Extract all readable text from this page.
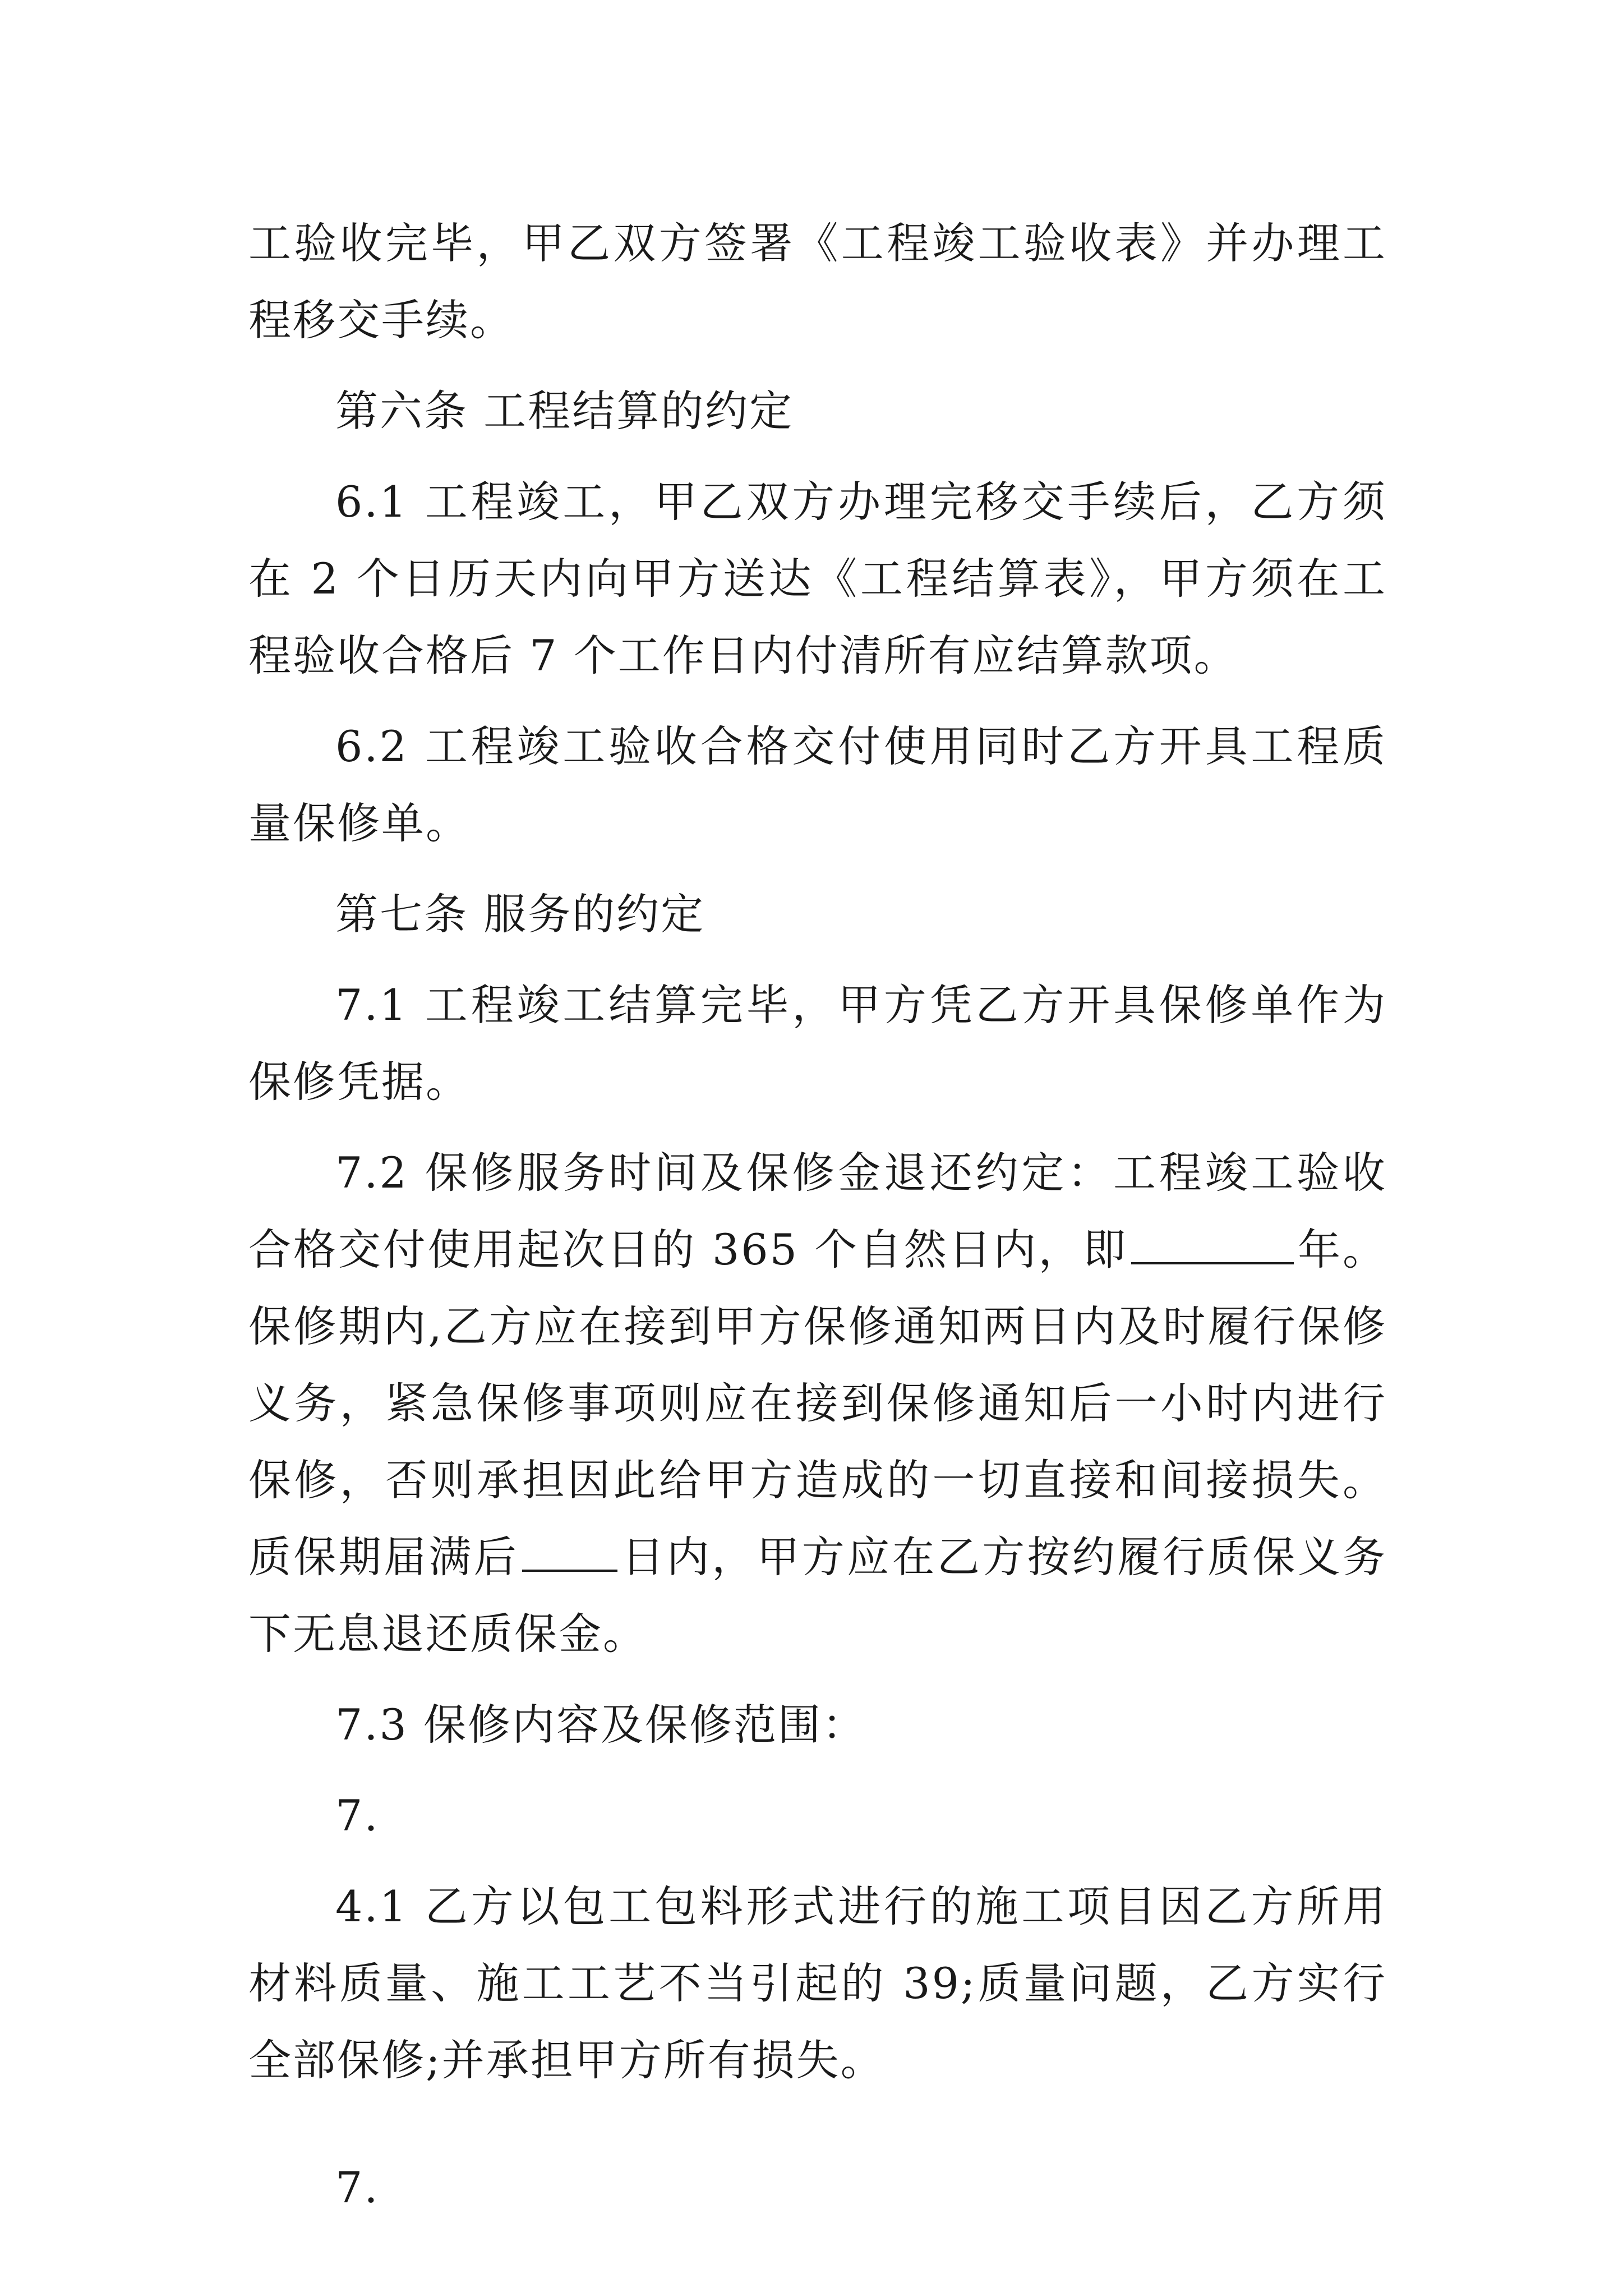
工验收完毕，甲乙双方签署《工程竣工验收表》并办理工程移交手续。

第六条 工程结算的约定

6.1 工程竣工，甲乙双方办理完移交手续后，乙方须在 2 个日历天内向甲方送达《工程结算表》，甲方须在工程验收合格后 7 个工作日内付清所有应结算款项。

6.2 工程竣工验收合格交付使用同时乙方开具工程质量保修单。

第七条 服务的约定

7.1 工程竣工结算完毕，甲方凭乙方开具保修单作为保修凭据。

7.2 保修服务时间及保修金退还约定：工程竣工验收合格交付使用起次日的 365 个自然日内，即	年。保修期内,乙方应在接到甲方保修通知两日内及时履行保修义务，紧急保修事项则应在接到保修通知后一小时内进行保修，否则承担因此给甲方造成的一切直接和间接损失。质保期届满后 日内，甲方应在乙方按约履行质保义务下无息退还质保金。

7.3 保修内容及保修范围：

7.

4.1 乙方以包工包料形式进行的施工项目因乙方所用材料质量、施工工艺不当引起的 39;质量问题，乙方实行全部保修;并承担甲方所有损失。

7.
